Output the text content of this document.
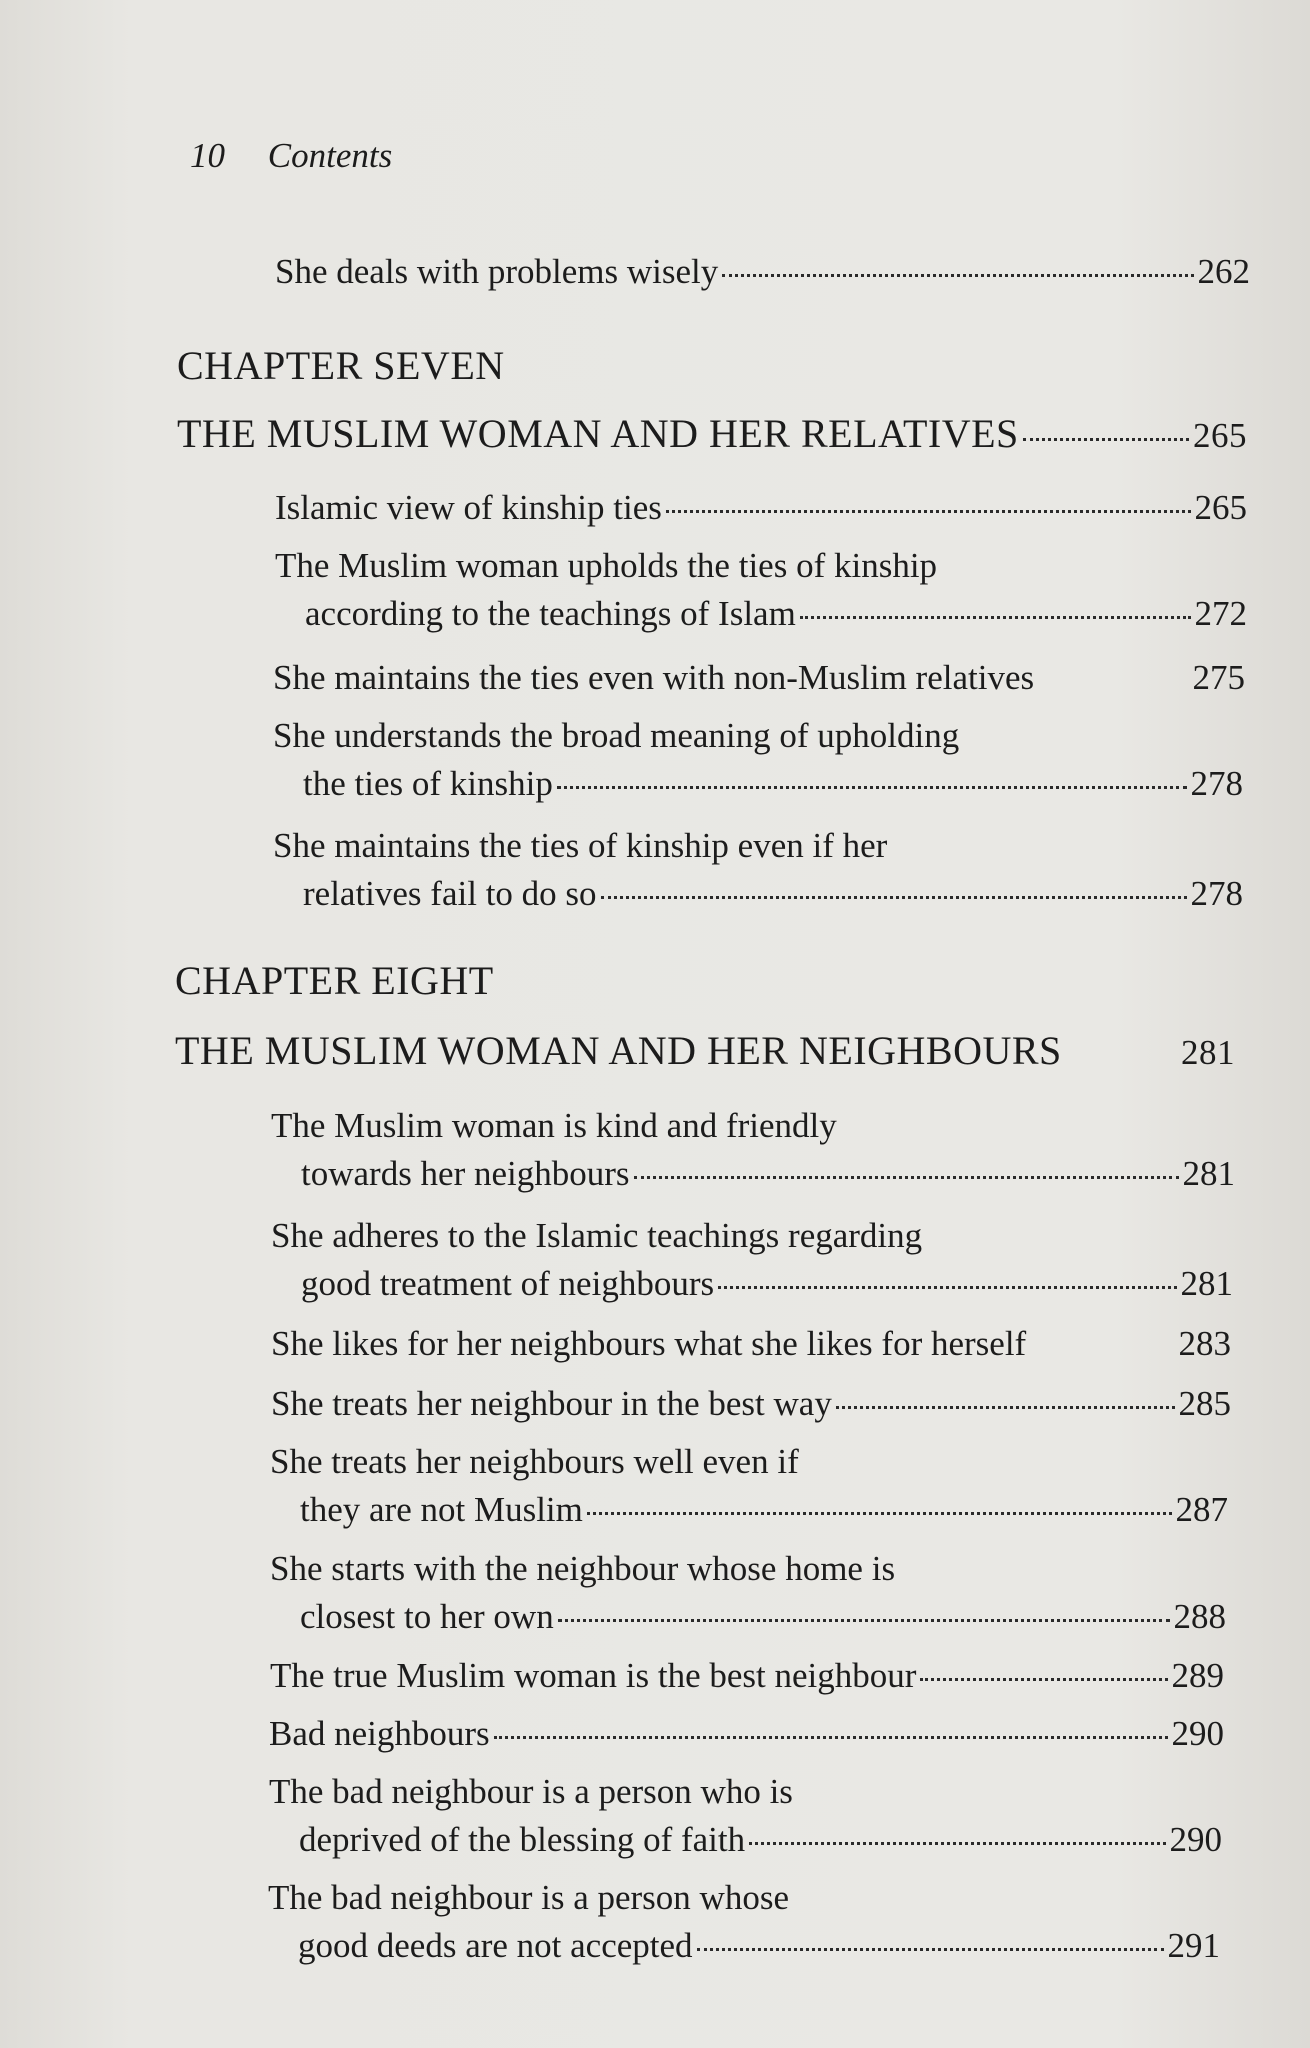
10 Contents
She deals with problems wisely	262
CHAPTER SEVEN
THE MUSLIM WOMAN AND HER RELATIVES	265
Islamic view of kinship ties	265
The Muslim woman upholds the ties of kinship
according to the teachings of Islam	272
She maintains the ties even with non-Muslim relatives	275
She understands the broad meaning of upholding
the ties of kinship	278
She maintains the ties of kinship even if her
relatives fail to do so	278
CHAPTER EIGHT
THE MUSLIM WOMAN AND HER NEIGHBOURS	281
The Muslim woman is kind and friendly
towards her neighbours	281
She adheres to the Islamic teachings regarding
good treatment of neighbours	281
She likes for her neighbours what she likes for herself	283
She treats her neighbour in the best way	285
She treats her neighbours well even if
they are not Muslim	287
She starts with the neighbour whose home is
closest to her own	288
The true Muslim woman is the best neighbour	289
Bad neighbours	290
The bad neighbour is a person who is
deprived of the blessing of faith	290
The bad neighbour is a person whose
good deeds are not accepted	291
